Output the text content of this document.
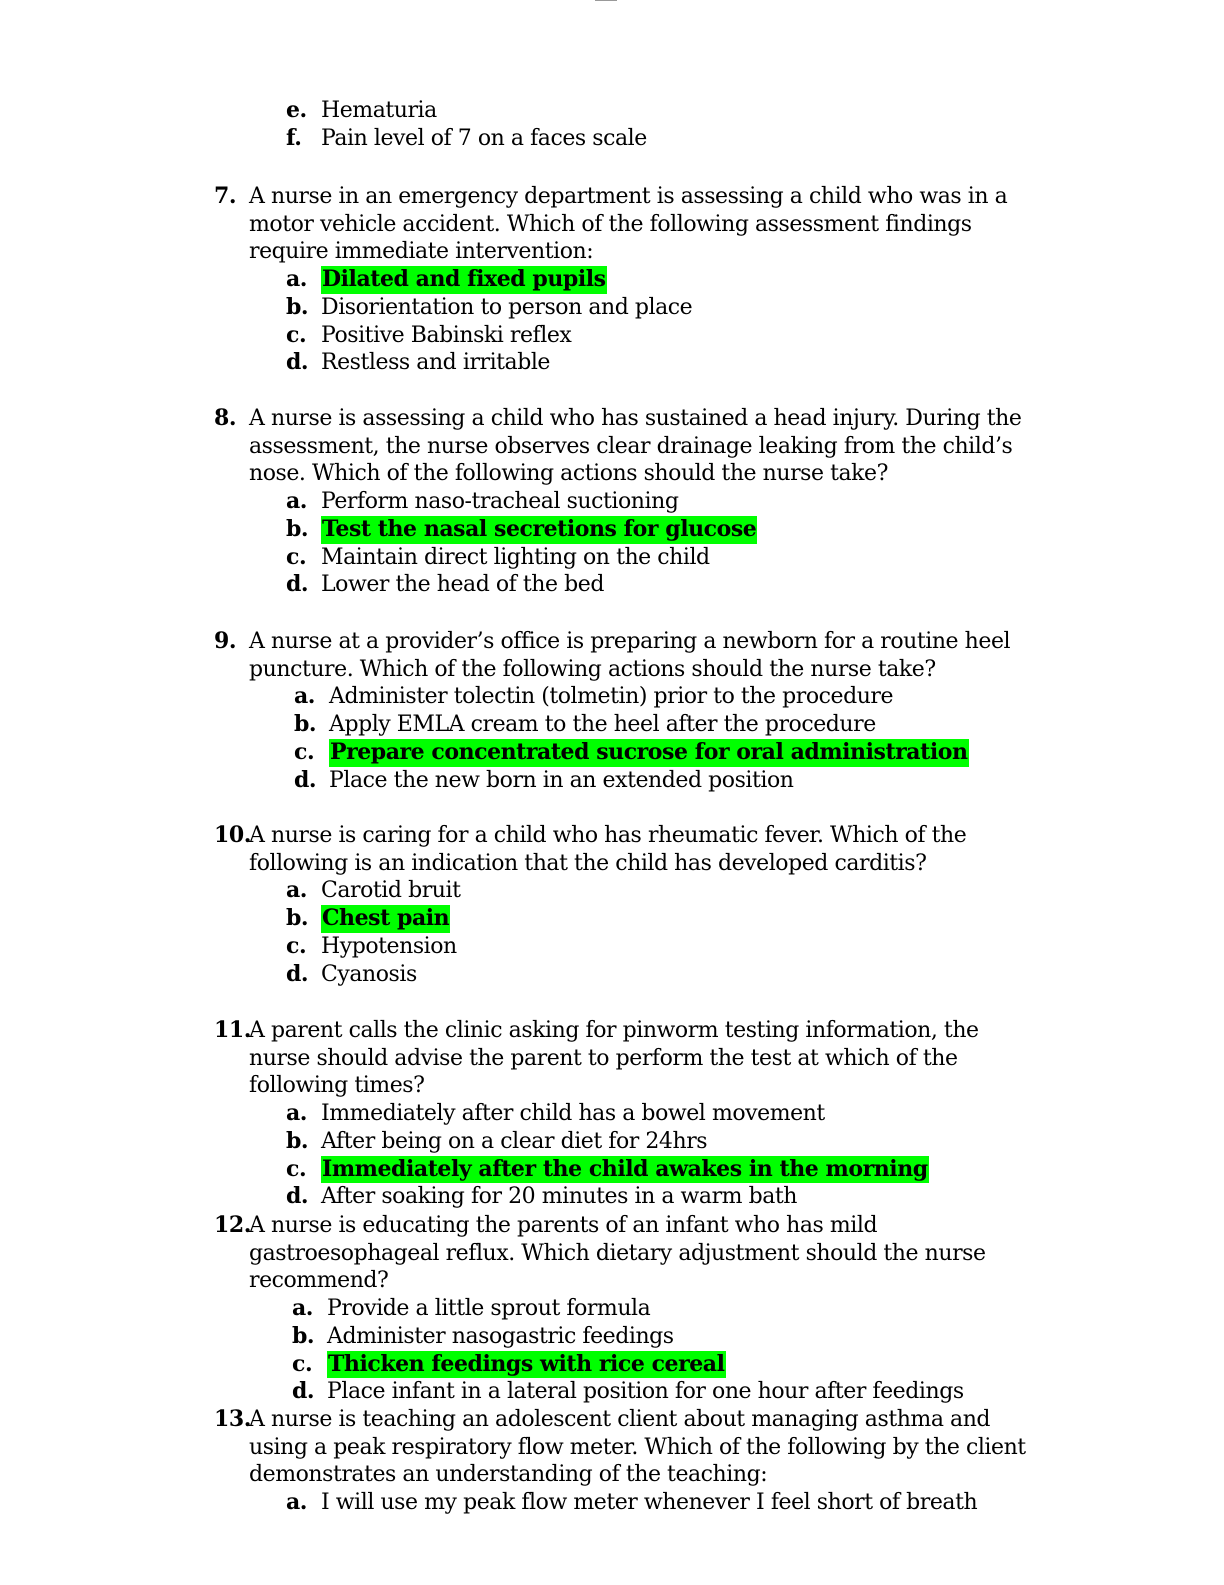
e. Hematuria
f. Pain level of 7 on a faces scale
7. A nurse in an emergency department is assessing a child who was in a motor vehicle accident. Which of the following assessment findings require immediate intervention:
a. Dilated and fixed pupils
b. Disorientation to person and place
c. Positive Babinski reflex
d. Restless and irritable
8. A nurse is assessing a child who has sustained a head injury. During the assessment, the nurse observes clear drainage leaking from the child’s nose. Which of the following actions should the nurse take?
a. Perform naso-tracheal suctioning
b. Test the nasal secretions for glucose
c. Maintain direct lighting on the child
d. Lower the head of the bed
9. A nurse at a provider’s office is preparing a newborn for a routine heel puncture. Which of the following actions should the nurse take?
a. Administer tolectin (tolmetin) prior to the procedure
b. Apply EMLA cream to the heel after the procedure
c. Prepare concentrated sucrose for oral administration
d. Place the new born in an extended position
10.
A nurse is caring for a child who has rheumatic fever. Which of the following is an indication that the child has developed carditis?
a. Carotid bruit
b. Chest pain
c. Hypotension
d. Cyanosis
11.
A parent calls the clinic asking for pinworm testing information, the nurse should advise the parent to perform the test at which of the following times?
a. Immediately after child has a bowel movement
b. After being on a clear diet for 24hrs
c. Immediately after the child awakes in the morning
d. After soaking for 20 minutes in a warm bath
12.
A nurse is educating the parents of an infant who has mild gastroesophageal reflux. Which dietary adjustment should the nurse recommend?
a. Provide a little sprout formula
b. Administer nasogastric feedings
c. Thicken feedings with rice cereal
d. Place infant in a lateral position for one hour after feedings
13.
A nurse is teaching an adolescent client about managing asthma and using a peak respiratory flow meter. Which of the following by the client demonstrates an understanding of the teaching:
a. I will use my peak flow meter whenever I feel short of breath
